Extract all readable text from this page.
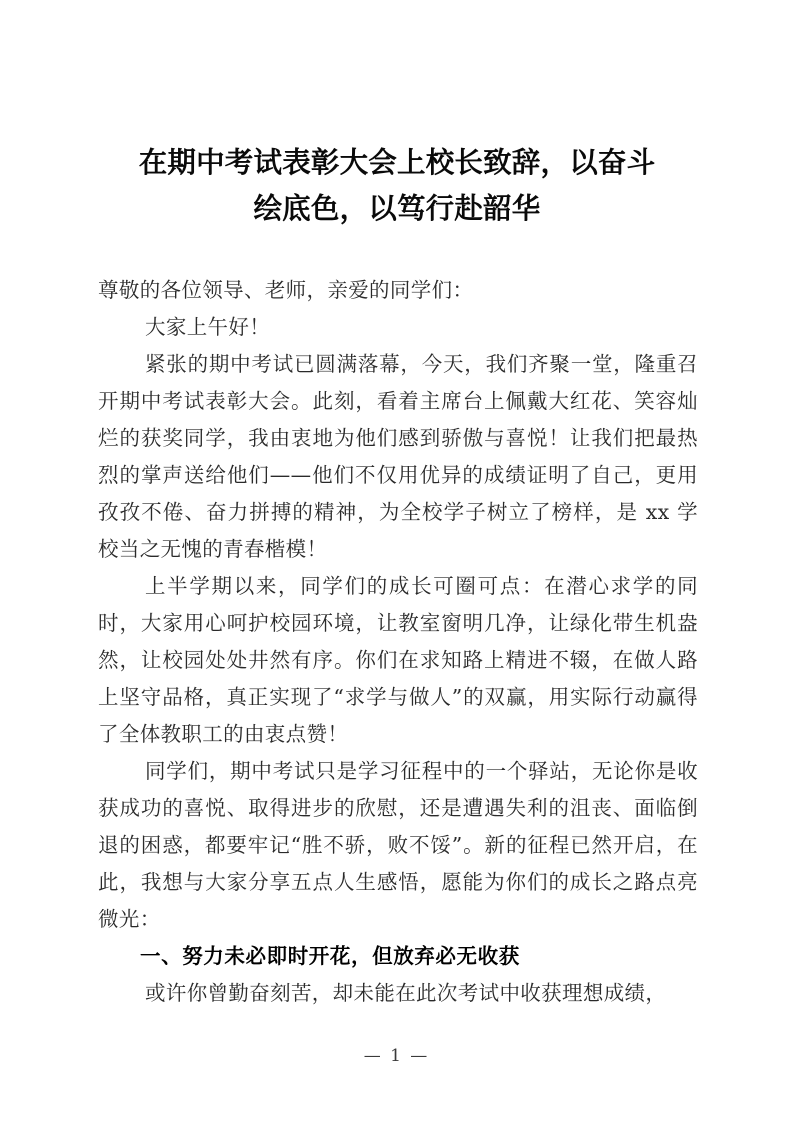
在期中考试表彰大会上校长致辞，以奋斗
绘底色，以笃行赴韶华

尊敬的各位领导、老师，亲爱的同学们：

大家上午好！

紧张的期中考试已圆满落幕，今天，我们齐聚一堂，隆重召开期中考试表彰大会。此刻，看着主席台上佩戴大红花、笑容灿烂的获奖同学，我由衷地为他们感到骄傲与喜悦！让我们把最热烈的掌声送给他们——他们不仅用优异的成绩证明了自己，更用孜孜不倦、奋力拼搏的精神，为全校学子树立了榜样，是 xx 学校当之无愧的青春楷模！

上半学期以来，同学们的成长可圈可点：在潜心求学的同时，大家用心呵护校园环境，让教室窗明几净，让绿化带生机盎然，让校园处处井然有序。你们在求知路上精进不辍，在做人路上坚守品格，真正实现了“求学与做人”的双赢，用实际行动赢得了全体教职工的由衷点赞！

同学们，期中考试只是学习征程中的一个驿站，无论你是收获成功的喜悦、取得进步的欣慰，还是遭遇失利的沮丧、面临倒退的困惑，都要牢记“胜不骄，败不馁”。新的征程已然开启，在此，我想与大家分享五点人生感悟，愿能为你们的成长之路点亮微光：

一、努力未必即时开花，但放弃必无收获

或许你曾勤奋刻苦，却未能在此次考试中收获理想成绩，

— 1 —
